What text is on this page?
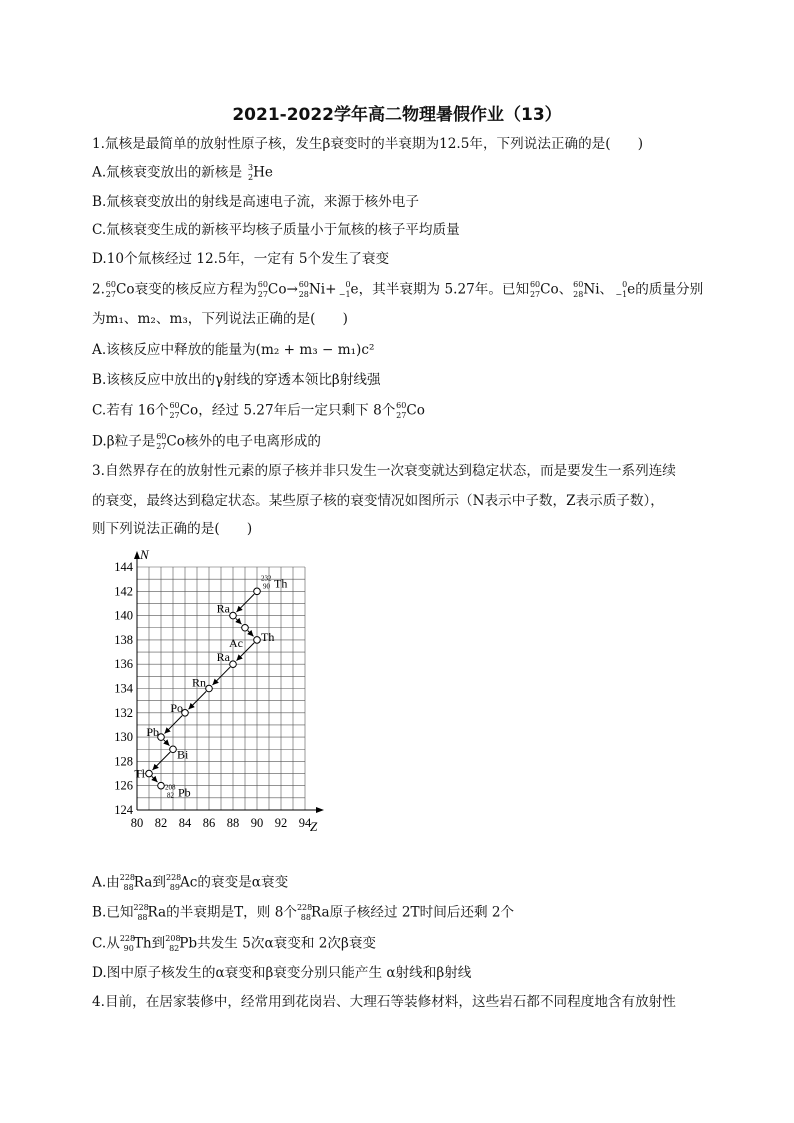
2021-2022学年高二物理暑假作业（13）
1.氚核是最简单的放射性原子核，发生β衰变时的半衰期为12.5年，下列说法正确的是(　　)
A.氚核衰变放出的新核是 3
2 He
B.氚核衰变放出的射线是高速电子流，来源于核外电子
C.氚核衰变生成的新核平均核子质量小于氚核的核子平均质量
D.10个氚核经过 12.5年，一定有 5个发生了衰变
2. 60
27 Co衰变的核反应方程为 60
27 Co→ 60
28 Ni+	0
−1 e，其半衰期为 5.27年。已知 60
27 Co、 60
28 Ni、	0
−1 e的质量分别
为m₁、m₂、m₃，下列说法正确的是(　　)
A.该核反应中释放的能量为(m₂ + m₃ − m₁)c²
B.该核反应中放出的γ射线的穿透本领比β射线强
C.若有 16个 60
27 Co，经过 5.27年后一定只剩下 8个 60
27 Co
D.β粒子是 60
27 Co核外的电子电离形成的
3.自然界存在的放射性元素的原子核并非只发生一次衰变就达到稳定状态，而是要发生一系列连续
的衰变，最终达到稳定状态。某些原子核的衰变情况如图所示（N表示中子数，Z表示质子数），
则下列说法正确的是(　　)
80 82 84 86 88 90 92 94
124
126
128
130
132
134
136
138
140
142
144
232
90 Th
Ra
Ac Th
Ra
Rn
Po
Pb
Bi
Tl
208
82 Pb
N
Z
A.由 228
88 Ra到 228
89 Ac的衰变是α衰变
B.已知 228
88 Ra的半衰期是T，则 8个 228
88 Ra原子核经过 2T时间后还剩 2个
C.从 228
90 Th到 208
82 Pb共发生 5次α衰变和 2次β衰变
D.图中原子核发生的α衰变和β衰变分别只能产生 α射线和β射线
4.目前，在居家装修中，经常用到花岗岩、大理石等装修材料，这些岩石都不同程度地含有放射性
